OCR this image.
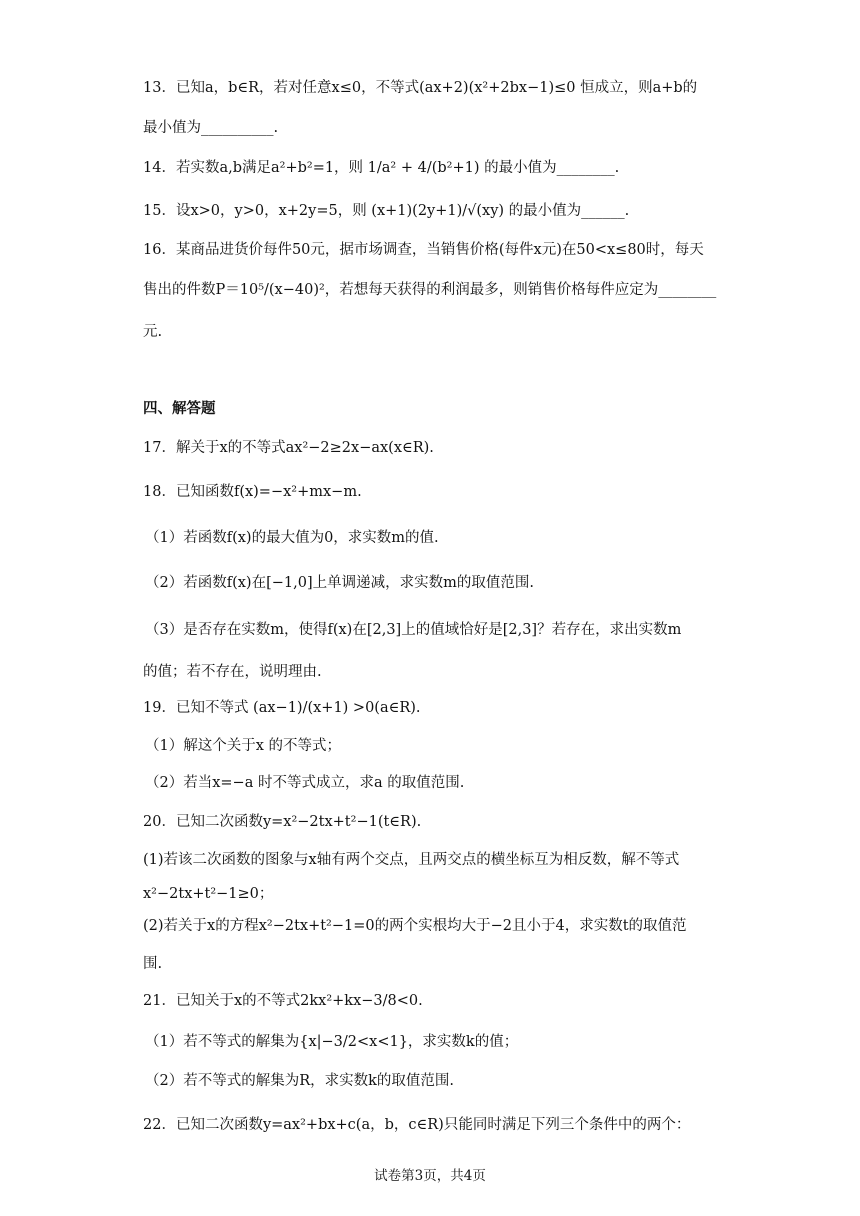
13．已知a，b∈R，若对任意x≤0，不等式(ax+2)(x²+2bx−1)≤0 恒成立，则a+b的
最小值为__________.
14．若实数a,b满足a²+b²=1，则 1/a² + 4/(b²+1) 的最小值为________.
15．设x>0，y>0，x+2y=5，则 (x+1)(2y+1)/√(xy) 的最小值为______.
16．某商品进货价每件50元，据市场调查，当销售价格(每件x元)在50<x≤80时，每天
售出的件数P＝10⁵/(x−40)²，若想每天获得的利润最多，则销售价格每件应定为________
元.
四、解答题
17．解关于x的不等式ax²−2≥2x−ax(x∈R).
18．已知函数f(x)=−x²+mx−m.
（1）若函数f(x)的最大值为0，求实数m的值.
（2）若函数f(x)在[−1,0]上单调递减，求实数m的取值范围.
（3）是否存在实数m，使得f(x)在[2,3]上的值域恰好是[2,3]？若存在，求出实数m
的值；若不存在，说明理由.
19．已知不等式 (ax−1)/(x+1) >0(a∈R).
（1）解这个关于x 的不等式；
（2）若当x=−a 时不等式成立，求a 的取值范围.
20．已知二次函数y=x²−2tx+t²−1(t∈R).
(1)若该二次函数的图象与x轴有两个交点，且两交点的横坐标互为相反数，解不等式
x²−2tx+t²−1≥0；
(2)若关于x的方程x²−2tx+t²−1=0的两个实根均大于−2且小于4，求实数t的取值范
围.
21．已知关于x的不等式2kx²+kx−3/8<0.
（1）若不等式的解集为{x|−3/2<x<1}，求实数k的值；
（2）若不等式的解集为R，求实数k的取值范围.
22．已知二次函数y=ax²+bx+c(a，b，c∈R)只能同时满足下列三个条件中的两个：
试卷第3页，共4页
